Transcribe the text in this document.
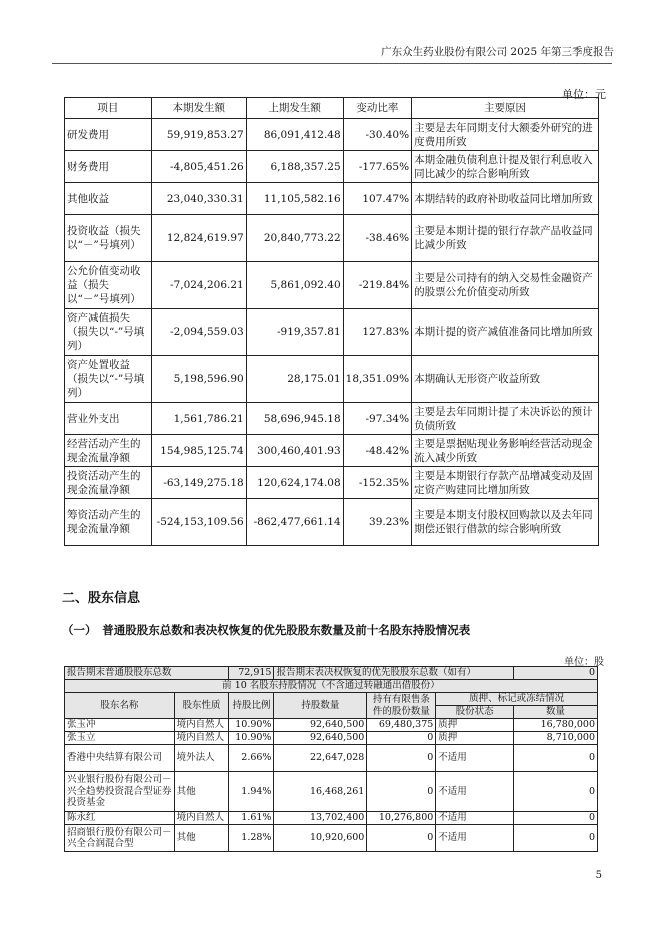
广东众生药业股份有限公司 2025 年第三季度报告
单位：元
项目	本期发生额	上期发生额	变动比率	主要原因
研发费用	59,919,853.27	86,091,412.48	-30.40%	主要是去年同期支付大额委外研究的进度费用所致
财务费用	-4,805,451.26	6,188,357.25	-177.65%	本期金融负债利息计提及银行利息收入同比减少的综合影响所致
其他收益	23,040,330.31	11,105,582.16	107.47%	本期结转的政府补助收益同比增加所致
投资收益（损失以“－”号填列）	12,824,619.97	20,840,773.22	-38.46%	主要是本期计提的银行存款产品收益同比减少所致
公允价值变动收益（损失以“－”号填列）	-7,024,206.21	5,861,092.40	-219.84%	主要是公司持有的纳入交易性金融资产的股票公允价值变动所致
资产减值损失（损失以“-”号填列）	-2,094,559.03	-919,357.81	127.83%	本期计提的资产减值准备同比增加所致
资产处置收益（损失以“-”号填列）	5,198,596.90	28,175.01	18,351.09%	本期确认无形资产收益所致
营业外支出	1,561,786.21	58,696,945.18	-97.34%	主要是去年同期计提了未决诉讼的预计负债所致
经营活动产生的现金流量净额	154,985,125.74	300,460,401.93	-48.42%	主要是票据贴现业务影响经营活动现金流入减少所致
投资活动产生的现金流量净额	-63,149,275.18	120,624,174.08	-152.35%	主要是本期银行存款产品增减变动及固定资产购建同比增加所致
筹资活动产生的现金流量净额	-524,153,109.56	-862,477,661.14	39.23%	主要是本期支付股权回购款以及去年同期偿还银行借款的综合影响所致
二、股东信息
（一）　普通股股东总数和表决权恢复的优先股股东数量及前十名股东持股情况表
单位：股
报告期末普通股股东总数		72,915	报告期末表决权恢复的优先股股东总数（如有）			0
前 10 名股东持股情况（不含通过转融通出借股份）						
股东名称	股东性质	持股比例	持股数量	持有有限售条件的股份数量	质押、标记或冻结情况	
					股份状态	数量
张玉冲	境内自然人	10.90%	92,640,500	69,480,375	质押	16,780,000
张玉立	境内自然人	10.90%	92,640,500	0	质押	8,710,000
香港中央结算有限公司	境外法人	2.66%	22,647,028	0	不适用	0
兴业银行股份有限公司－兴全趋势投资混合型证券投资基金	其他	1.94%	16,468,261	0	不适用	0
陈永红	境内自然人	1.61%	13,702,400	10,276,800	不适用	0
招商银行股份有限公司－兴全合润混合型	其他	1.28%	10,920,600	0	不适用	0
5
